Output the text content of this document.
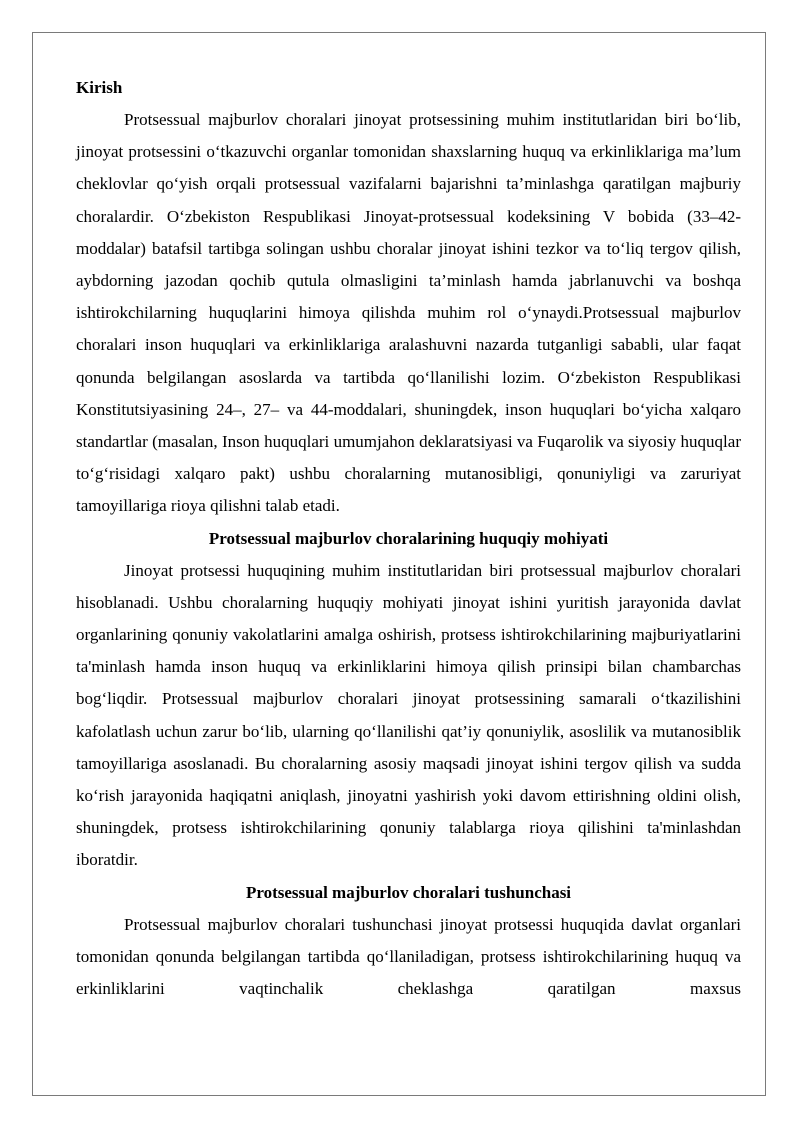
Kirish

Protsessual majburlov choralari jinoyat protsessining muhim institutlaridan biri bo‘lib, jinoyat protsessini o‘tkazuvchi organlar tomonidan shaxslarning huquq va erkinliklariga ma’lum cheklovlar qo‘yish orqali protsessual vazifalarni bajarishni ta’minlashga qaratilgan majburiy choralardir. O‘zbekiston Respublikasi Jinoyat-protsessual kodeksining V bobida (33–42-moddalar) batafsil tartibga solingan ushbu choralar jinoyat ishini tezkor va to‘liq tergov qilish, aybdorning jazodan qochib qutula olmasligini ta’minlash hamda jabrlanuvchi va boshqa ishtirokchilarning huquqlarini himoya qilishda muhim rol o‘ynaydi.Protsessual majburlov choralari inson huquqlari va erkinliklariga aralashuvni nazarda tutganligi sababli, ular faqat qonunda belgilangan asoslarda va tartibda qo‘llanilishi lozim. O‘zbekiston Respublikasi Konstitutsiyasining 24–, 27– va 44-moddalari, shuningdek, inson huquqlari bo‘yicha xalqaro standartlar (masalan, Inson huquqlari umumjahon deklaratsiyasi va Fuqarolik va siyosiy huquqlar to‘g‘risidagi xalqaro pakt) ushbu choralarning mutanosibligi, qonuniyligi va zaruriyat tamoyillariga rioya qilishni talab etadi.

Protsessual majburlov choralarining huquqiy mohiyati

Jinoyat protsessi huquqining muhim institutlaridan biri protsessual majburlov choralari hisoblanadi. Ushbu choralarning huquqiy mohiyati jinoyat ishini yuritish jarayonida davlat organlarining qonuniy vakolatlarini amalga oshirish, protsess ishtirokchilarining majburiyatlarini ta'minlash hamda inson huquq va erkinliklarini himoya qilish prinsipi bilan chambarchas bog‘liqdir. Protsessual majburlov choralari jinoyat protsessining samarali o‘tkazilishini kafolatlash uchun zarur bo‘lib, ularning qo‘llanilishi qat’iy qonuniylik, asoslilik va mutanosiblik tamoyillariga asoslanadi. Bu choralarning asosiy maqsadi jinoyat ishini tergov qilish va sudda ko‘rish jarayonida haqiqatni aniqlash, jinoyatni yashirish yoki davom ettirishning oldini olish, shuningdek, protsess ishtirokchilarining qonuniy talablarga rioya qilishini ta'minlashdan iboratdir.

Protsessual majburlov choralari tushunchasi

Protsessual majburlov choralari tushunchasi jinoyat protsessi huquqida davlat organlari tomonidan qonunda belgilangan tartibda qo‘llaniladigan, protsess ishtirokchilarining huquq va erkinliklarini vaqtinchalik cheklashga qaratilgan maxsus
